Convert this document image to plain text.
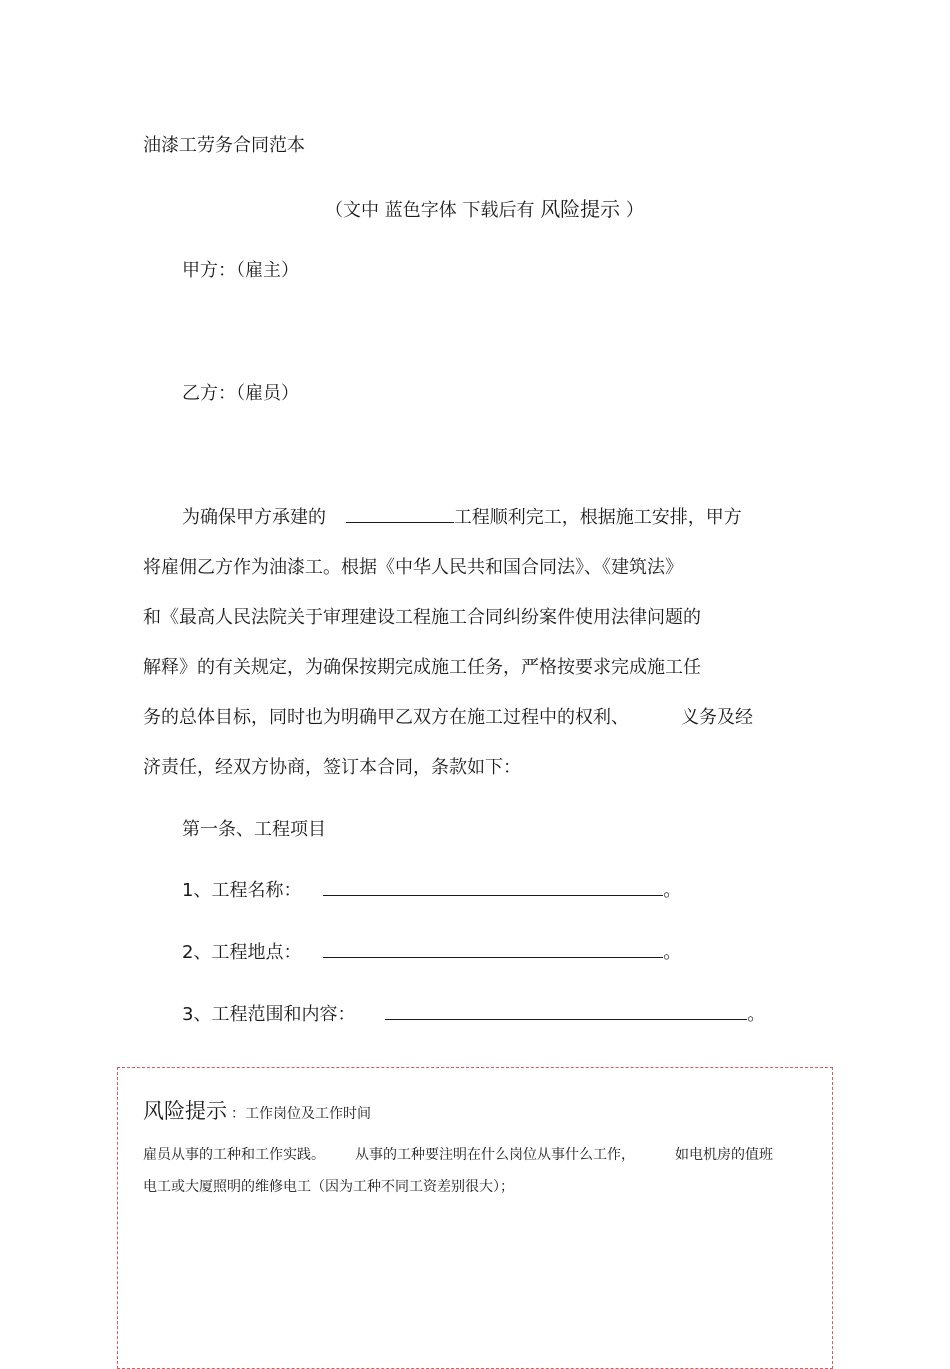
油漆工劳务合同范本
（文中 蓝色字体 下载后有 风险提示 ）
甲方：（雇主）
乙方：（雇员）
为确保甲方承建的	工程顺利完工，根据施工安排，甲方
将雇佣乙方作为油漆工。根据《中华人民共和国合同法》、《建筑法》
和《最高人民法院关于审理建设工程施工合同纠纷案件使用法律问题的
解释》的有关规定，为确保按期完成施工任务，严格按要求完成施工任
务的总体目标，同时也为明确甲乙双方在施工过程中的权利、	义务及经
济责任，经双方协商，签订本合同，条款如下：
第一条、工程项目
1、工程名称：	。
2、工程地点：	。
3、工程范围和内容：	。
风险提示 ：工作岗位及工作时间
雇员从事的工种和工作实践。 从事的工种要注明在什么岗位从事什么工作，	如电机房的值班
电工或大厦照明的维修电工（因为工种不同工资差别很大）；
